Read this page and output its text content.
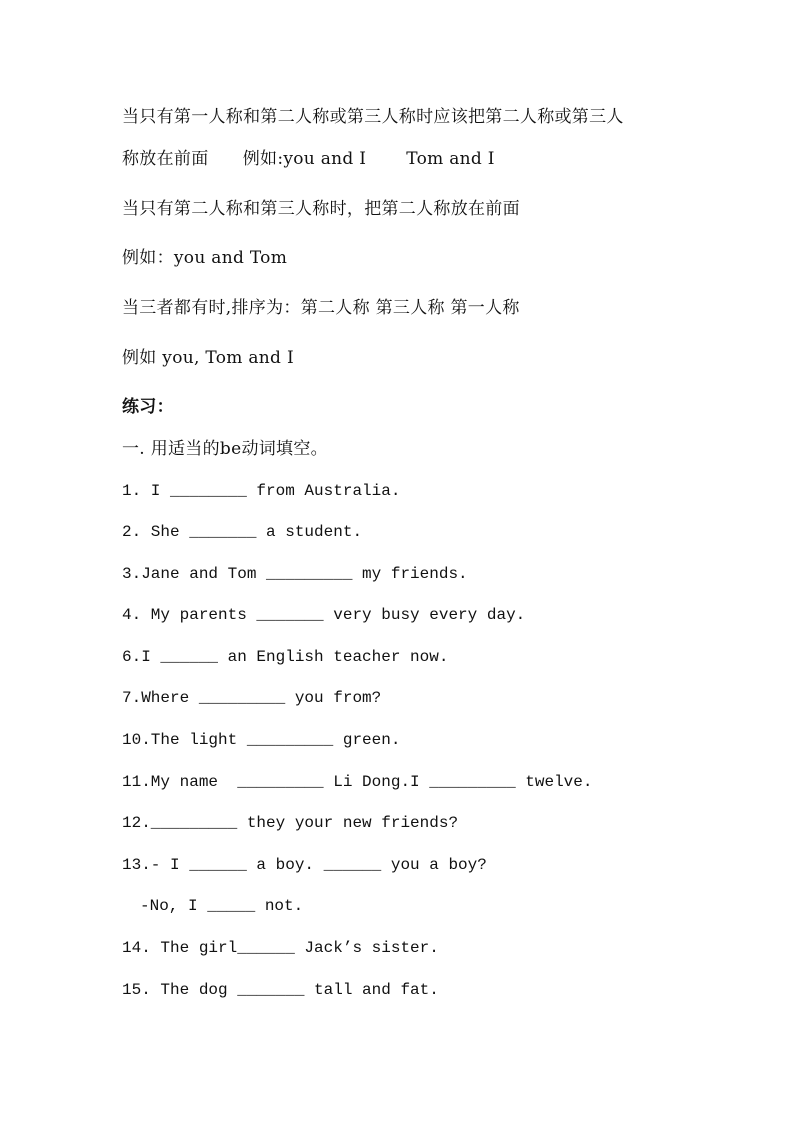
当只有第一人称和第二人称或第三人称时应该把第二人称或第三人
称放在前面      例如:you and I       Tom and I
当只有第二人称和第三人称时，把第二人称放在前面
例如：you and Tom
当三者都有时,排序为：第二人称 第三人称 第一人称
例如 you, Tom and I
练习：
一. 用适当的be动词填空。
1. I ________ from Australia.
2. She _______ a student.
3.Jane and Tom _________ my friends.
4. My parents _______ very busy every day.
6.I ______ an English teacher now.
7.Where _________ you from?
10.The light _________ green.
11.My name  _________ Li Dong.I _________ twelve.
12._________ they your new friends?
13.- I ______ a boy. ______ you a boy?
-No, I _____ not.
14. The girl______ Jack’s sister.
15. The dog _______ tall and fat.
